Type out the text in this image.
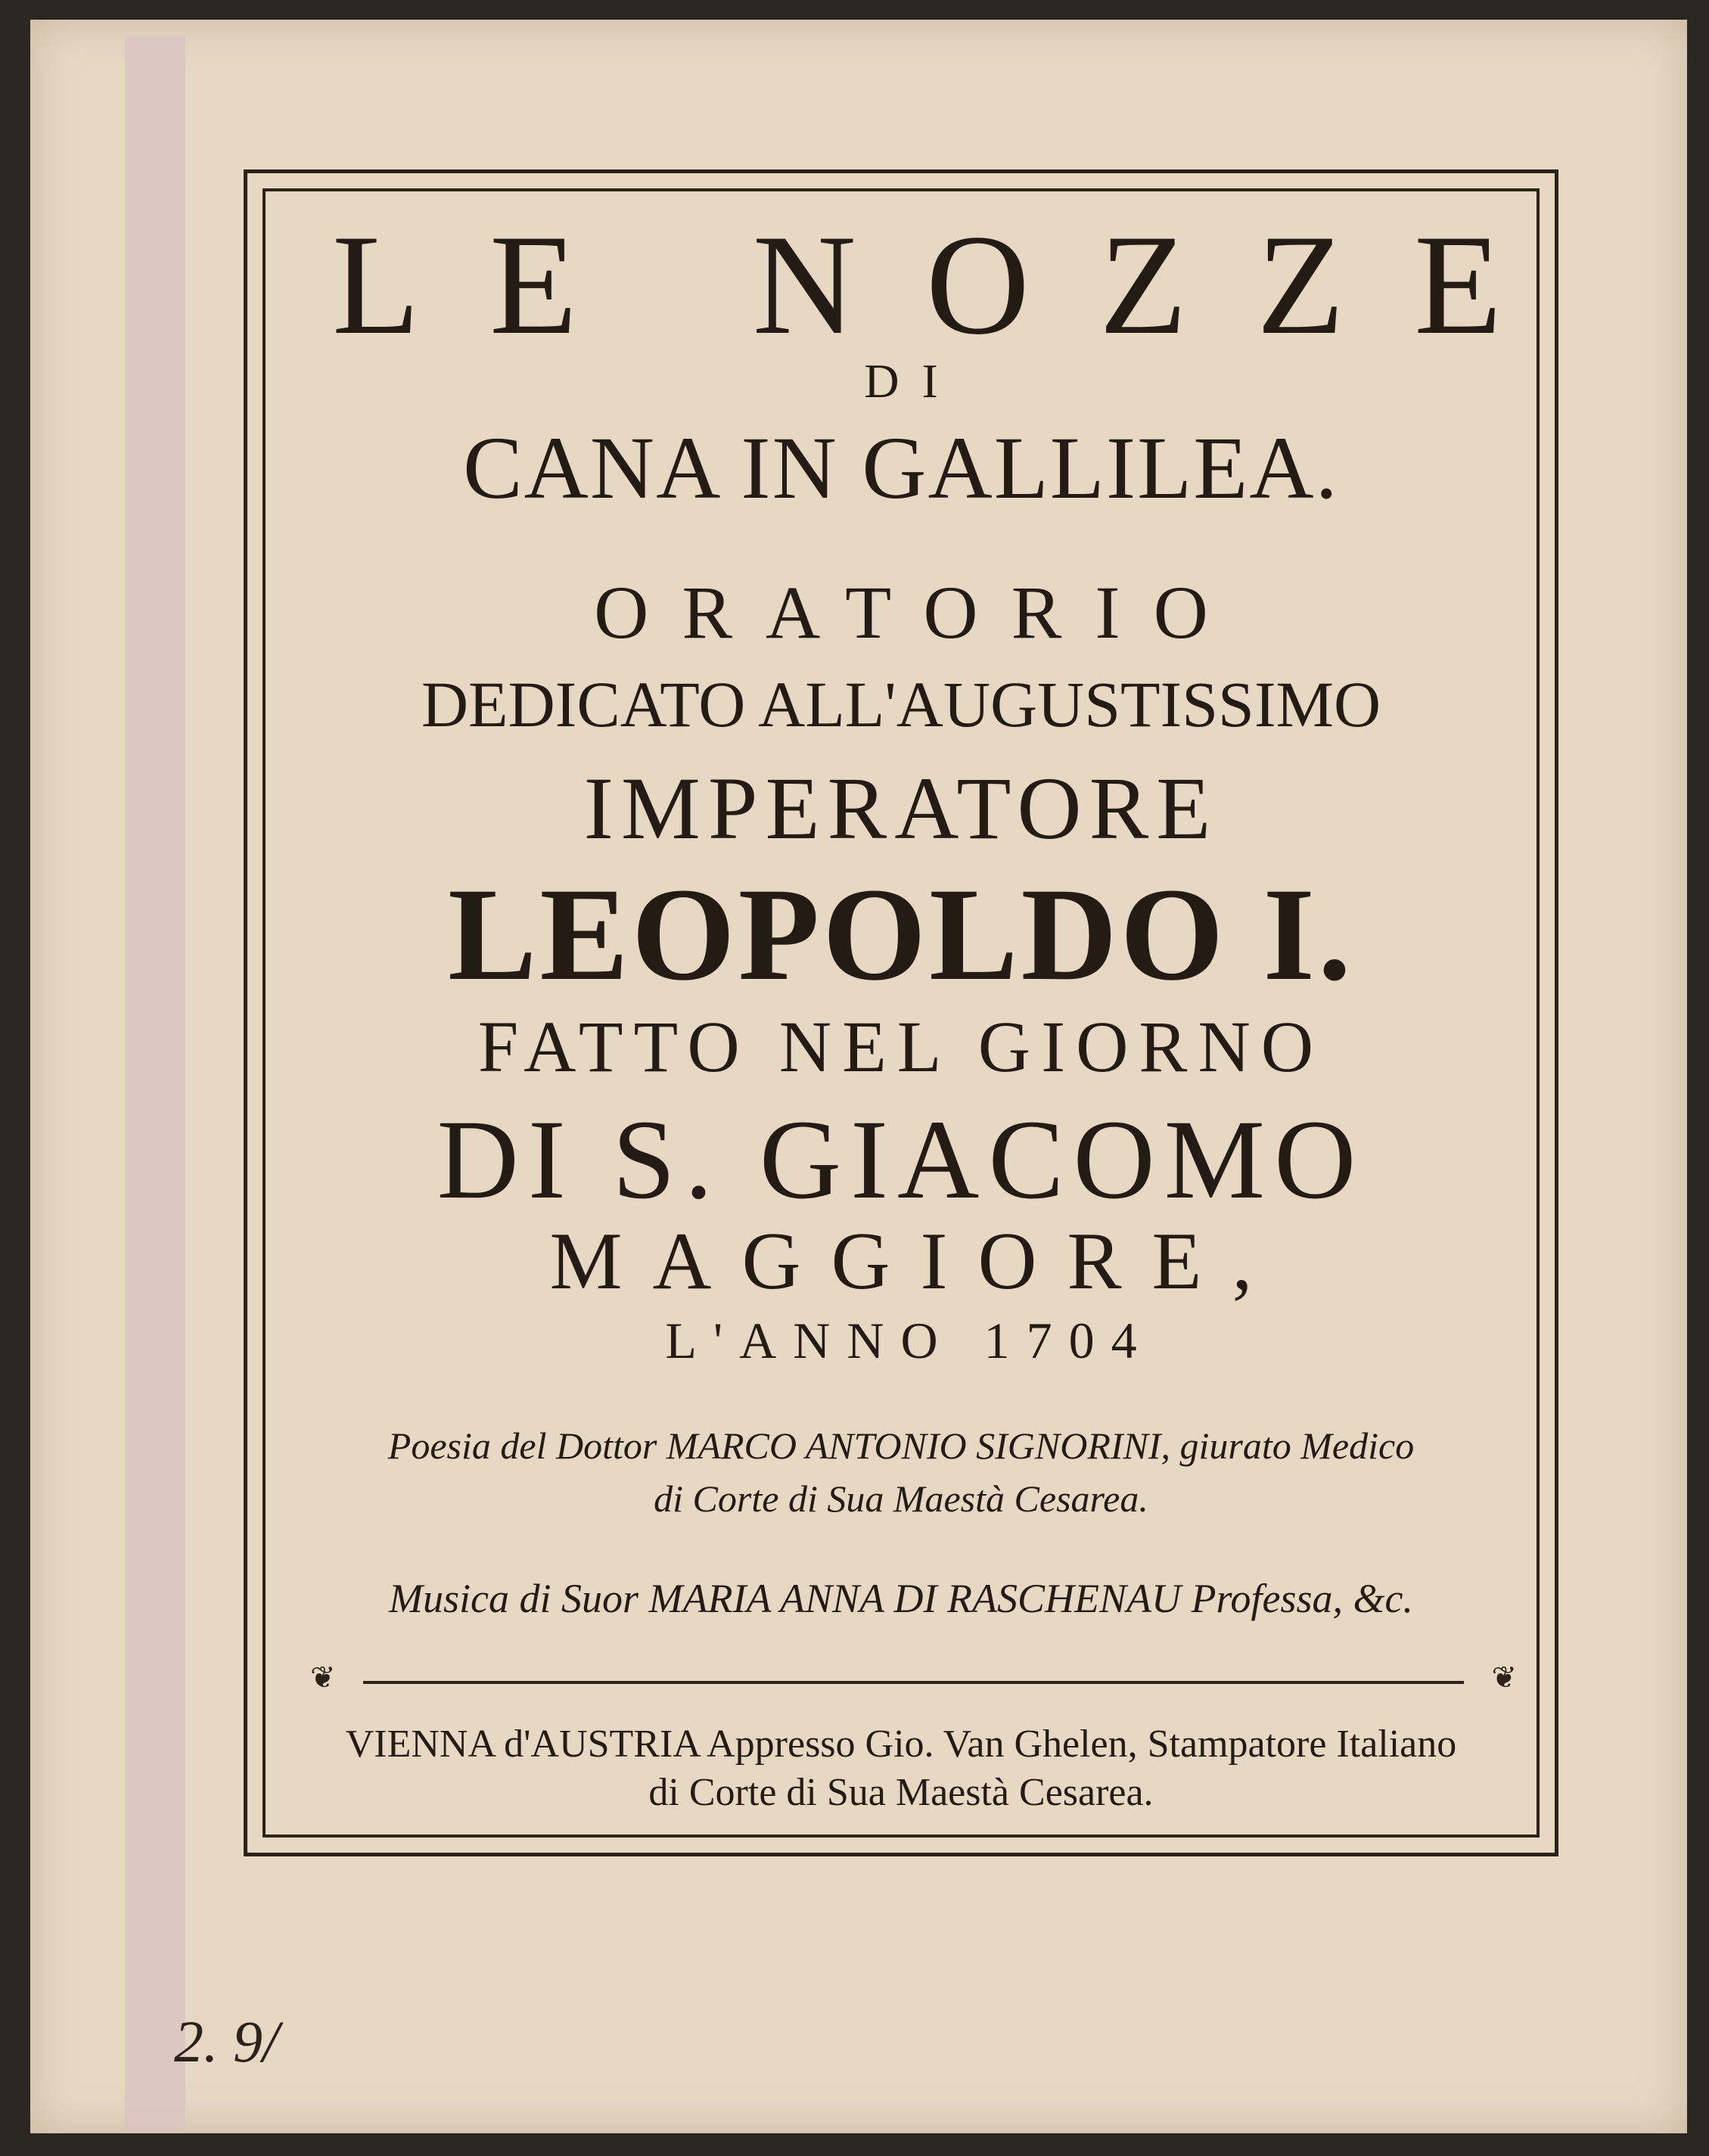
LE NOZZE
DI
CANA IN GALLILEA.
ORATORIO
DEDICATO ALL'AUGUSTISSIMO
IMPERATORE
LEOPOLDO I.
FATTO NEL GIORNO
DI S. GIACOMO
MAGGIORE,
L'ANNO 1704
Poesia del Dottor MARCO ANTONIO SIGNORINI, giurato Medico
di Corte di Sua Maestà Cesarea.
Musica di Suor MARIA ANNA DI RASCHENAU Professa, &c.
❦	❦
VIENNA d'AUSTRIA Appresso Gio. Van Ghelen, Stampatore Italiano
di Corte di Sua Maestà Cesarea.
2. 9/
